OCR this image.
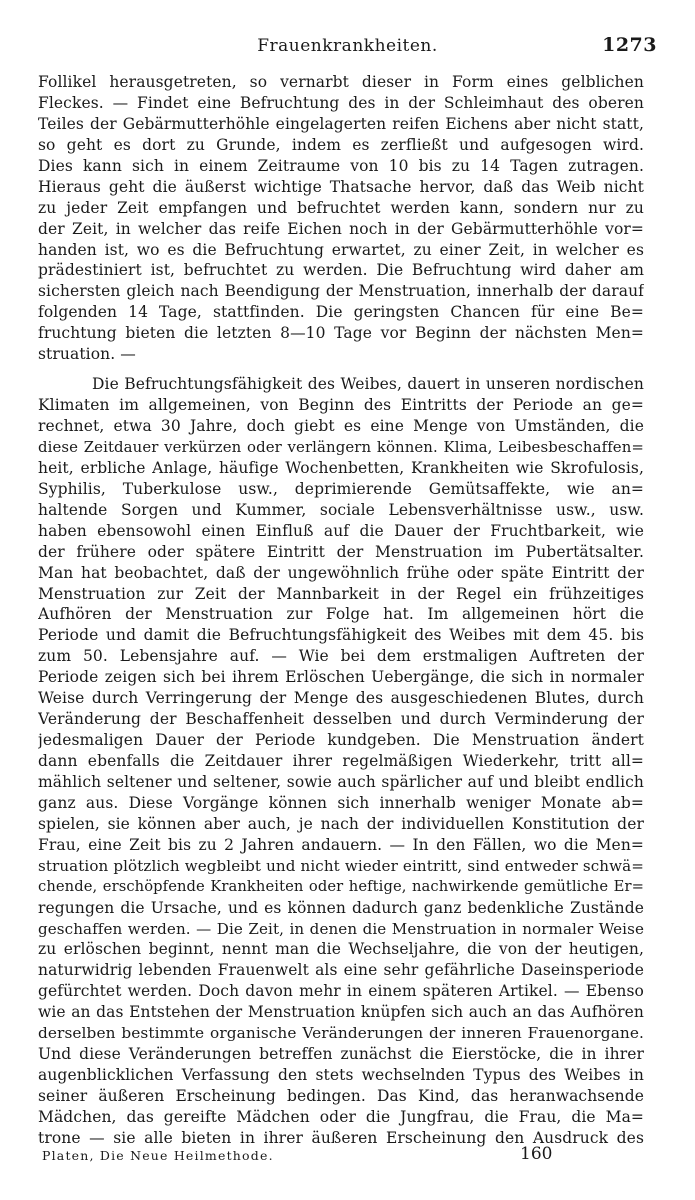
Frauenkrankheiten.	1273
Follikel herausgetreten, so vernarbt dieser in Form eines gelblichen
Fleckes. — Findet eine Befruchtung des in der Schleimhaut des oberen
Teiles der Gebärmutterhöhle eingelagerten reifen Eichens aber nicht statt,
so geht es dort zu Grunde, indem es zerfließt und aufgesogen wird.
Dies kann sich in einem Zeitraume von 10 bis zu 14 Tagen zutragen.
Hieraus geht die äußerst wichtige Thatsache hervor, daß das Weib nicht
zu jeder Zeit empfangen und befruchtet werden kann, sondern nur zu
der Zeit, in welcher das reife Eichen noch in der Gebärmutterhöhle vor=
handen ist, wo es die Befruchtung erwartet, zu einer Zeit, in welcher es
prädestiniert ist, befruchtet zu werden. Die Befruchtung wird daher am
sichersten gleich nach Beendigung der Menstruation, innerhalb der darauf
folgenden 14 Tage, stattfinden. Die geringsten Chancen für eine Be=
fruchtung bieten die letzten 8—10 Tage vor Beginn der nächsten Men=
struation. —
Die Befruchtungsfähigkeit des Weibes, dauert in unseren nordischen
Klimaten im allgemeinen, von Beginn des Eintritts der Periode an ge=
rechnet, etwa 30 Jahre, doch giebt es eine Menge von Umständen, die
diese Zeitdauer verkürzen oder verlängern können. Klima, Leibesbeschaffen=
heit, erbliche Anlage, häufige Wochenbetten, Krankheiten wie Skrofulosis,
Syphilis, Tuberkulose usw., deprimierende Gemütsaffekte, wie an=
haltende Sorgen und Kummer, sociale Lebensverhältnisse usw., usw.
haben ebensowohl einen Einfluß auf die Dauer der Fruchtbarkeit, wie
der frühere oder spätere Eintritt der Menstruation im Pubertätsalter.
Man hat beobachtet, daß der ungewöhnlich frühe oder späte Eintritt der
Menstruation zur Zeit der Mannbarkeit in der Regel ein frühzeitiges
Aufhören der Menstruation zur Folge hat. Im allgemeinen hört die
Periode und damit die Befruchtungsfähigkeit des Weibes mit dem 45. bis
zum 50. Lebensjahre auf. — Wie bei dem erstmaligen Auftreten der
Periode zeigen sich bei ihrem Erlöschen Uebergänge, die sich in normaler
Weise durch Verringerung der Menge des ausgeschiedenen Blutes, durch
Veränderung der Beschaffenheit desselben und durch Verminderung der
jedesmaligen Dauer der Periode kundgeben. Die Menstruation ändert
dann ebenfalls die Zeitdauer ihrer regelmäßigen Wiederkehr, tritt all=
mählich seltener und seltener, sowie auch spärlicher auf und bleibt endlich
ganz aus. Diese Vorgänge können sich innerhalb weniger Monate ab=
spielen, sie können aber auch, je nach der individuellen Konstitution der
Frau, eine Zeit bis zu 2 Jahren andauern. — In den Fällen, wo die Men=
struation plötzlich wegbleibt und nicht wieder eintritt, sind entweder schwä=
chende, erschöpfende Krankheiten oder heftige, nachwirkende gemütliche Er=
regungen die Ursache, und es können dadurch ganz bedenkliche Zustände
geschaffen werden. — Die Zeit, in denen die Menstruation in normaler Weise
zu erlöschen beginnt, nennt man die Wechseljahre, die von der heutigen,
naturwidrig lebenden Frauenwelt als eine sehr gefährliche Daseinsperiode
gefürchtet werden. Doch davon mehr in einem späteren Artikel. — Ebenso
wie an das Entstehen der Menstruation knüpfen sich auch an das Aufhören
derselben bestimmte organische Veränderungen der inneren Frauenorgane.
Und diese Veränderungen betreffen zunächst die Eierstöcke, die in ihrer
augenblicklichen Verfassung den stets wechselnden Typus des Weibes in
seiner äußeren Erscheinung bedingen. Das Kind, das heranwachsende
Mädchen, das gereifte Mädchen oder die Jungfrau, die Frau, die Ma=
trone — sie alle bieten in ihrer äußeren Erscheinung den Ausdruck des
Platen, Die Neue Heilmethode.	160
